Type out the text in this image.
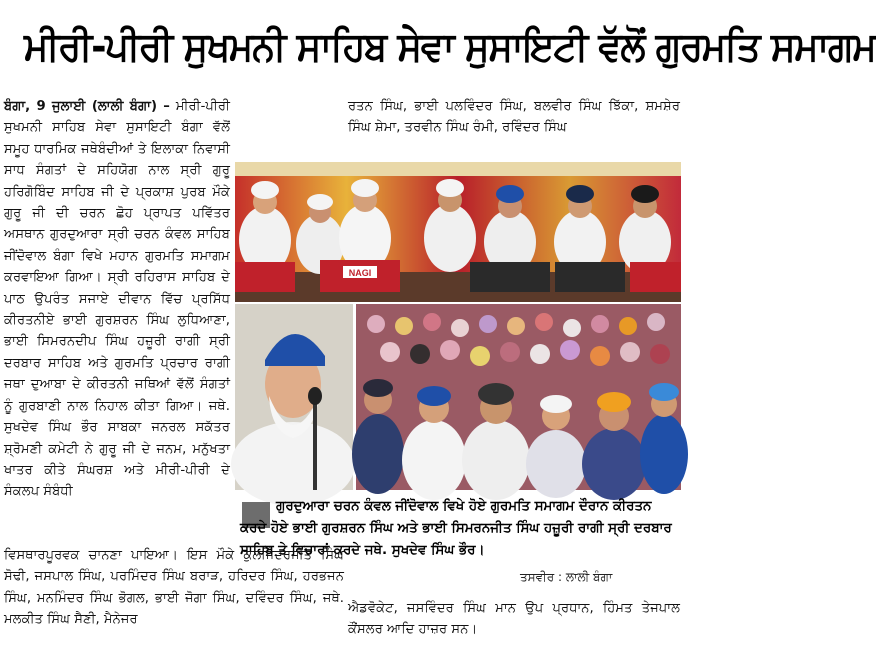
ਮੀਰੀ-ਪੀਰੀ ਸੁਖਮਨੀ ਸਾਹਿਬ ਸੇਵਾ ਸੁਸਾਇਟੀ ਵੱਲੋਂ ਗੁਰਮਤਿ ਸਮਾਗਮ

ਬੰਗਾ, 9 ਜੁਲਾਈ (ਲਾਲੀ ਬੰਗਾ) – ਮੀਰੀ-ਪੀਰੀ ਸੁਖਮਨੀ ਸਾਹਿਬ ਸੇਵਾ ਸੁਸਾਇਟੀ ਬੰਗਾ ਵੱਲੋਂ ਸਮੂਹ ਧਾਰਮਿਕ ਜਥੇਬੰਦੀਆਂ ਤੇ ਇਲਾਕਾ ਨਿਵਾਸੀ ਸਾਧ ਸੰਗਤਾਂ ਦੇ ਸਹਿਯੋਗ ਨਾਲ ਸ੍ਰੀ ਗੁਰੂ ਹਰਿਗੋਬਿੰਦ ਸਾਹਿਬ ਜੀ ਦੇ ਪ੍ਰਕਾਸ਼ ਪੁਰਬ ਮੌਕੇ ਗੁਰੂ ਜੀ ਦੀ ਚਰਨ ਛੋਹ ਪ੍ਰਾਪਤ ਪਵਿੱਤਰ ਅਸਥਾਨ ਗੁਰਦੁਆਰਾ ਸ੍ਰੀ ਚਰਨ ਕੰਵਲ ਸਾਹਿਬ ਜੀਂਦੋਵਾਲ ਬੰਗਾ ਵਿਖੇ ਮਹਾਨ ਗੁਰਮਤਿ ਸਮਾਗਮ ਕਰਵਾਇਆ ਗਿਆ। ਸ੍ਰੀ ਰਹਿਰਾਸ ਸਾਹਿਬ ਦੇ ਪਾਠ ਉਪਰੰਤ ਸਜਾਏ ਦੀਵਾਨ ਵਿੱਚ ਪ੍ਰਸਿੱਧ ਕੀਰਤਨੀਏ ਭਾਈ ਗੁਰਸ਼ਰਨ ਸਿੰਘ ਲੁਧਿਆਣਾ, ਭਾਈ ਸਿਮਰਨਦੀਪ ਸਿੰਘ ਹਜ਼ੂਰੀ ਰਾਗੀ ਸ੍ਰੀ ਦਰਬਾਰ ਸਾਹਿਬ ਅਤੇ ਗੁਰਮਤਿ ਪ੍ਰਚਾਰ ਰਾਗੀ ਜਥਾ ਦੁਆਬਾ ਦੇ ਕੀਰਤਨੀ ਜਥਿਆਂ ਵੱਲੋਂ ਸੰਗਤਾਂ ਨੂੰ ਗੁਰਬਾਣੀ ਨਾਲ ਨਿਹਾਲ ਕੀਤਾ ਗਿਆ। ਜਥੇ. ਸੁਖਦੇਵ ਸਿੰਘ ਭੌਰ ਸਾਬਕਾ ਜਨਰਲ ਸਕੱਤਰ ਸ਼੍ਰੋਮਣੀ ਕਮੇਟੀ ਨੇ ਗੁਰੂ ਜੀ ਦੇ ਜਨਮ, ਮਨੁੱਖਤਾ ਖਾਤਰ ਕੀਤੇ ਸੰਘਰਸ਼ ਅਤੇ ਮੀਰੀ-ਪੀਰੀ ਦੇ ਸੰਕਲਪ ਸੰਬੰਧੀ

ਰਤਨ ਸਿੰਘ, ਭਾਈ ਪਲਵਿੰਦਰ ਸਿੰਘ, ਬਲਵੀਰ ਸਿੰਘ ਝਿੱਕਾ, ਸ਼ਮਸ਼ੇਰ ਸਿੰਘ ਸ਼ੇਮਾ, ਤਰਵੀਨ ਸਿੰਘ ਰੰਮੀ, ਰਵਿੰਦਰ ਸਿੰਘ

NAGI

ਗੁਰਦੁਆਰਾ ਚਰਨ ਕੰਵਲ ਜੀਂਦੋਵਾਲ ਵਿਖੇ ਹੋਏ ਗੁਰਮਤਿ ਸਮਾਗਮ ਦੌਰਾਨ ਕੀਰਤਨ ਕਰਦੇ ਹੋਏ ਭਾਈ ਗੁਰਸ਼ਰਨ ਸਿੰਘ ਅਤੇ ਭਾਈ ਸਿਮਰਨਜੀਤ ਸਿੰਘ ਹਜ਼ੂਰੀ ਰਾਗੀ ਸ੍ਰੀ ਦਰਬਾਰ ਸਾਹਿਬ ਤੇ ਵਿਚਾਰਾਂ ਕਰਦੇ ਜਥੇ. ਸੁਖਦੇਵ ਸਿੰਘ ਭੌਰ।

ਤਸਵੀਰ : ਲਾਲੀ ਬੰਗਾ

ਵਿਸਥਾਰਪੂਰਵਕ ਚਾਨਣਾ ਪਾਇਆ। ਇਸ ਮੌਕੇ ਕੁਲਜਿੰਦਰਜੀਤ ਸਿੰਘ ਸੋਢੀ, ਜਸਪਾਲ ਸਿੰਘ, ਪਰਮਿੰਦਰ ਸਿੰਘ ਬਰਾੜ, ਹਰਿਦਰ ਸਿੰਘ, ਹਰਭਜਨ ਸਿੰਘ, ਮਨਮਿੰਦਰ ਸਿੰਘ ਭੋਗਲ, ਭਾਈ ਜੋਗਾ ਸਿੰਘ, ਦਵਿੰਦਰ ਸਿੰਘ, ਜਥੇ. ਮਲਕੀਤ ਸਿੰਘ ਸੈਣੀ, ਮੈਨੇਜਰ

ਐਡਵੋਕੇਟ, ਜਸਵਿੰਦਰ ਸਿੰਘ ਮਾਨ ਉਪ ਪ੍ਰਧਾਨ, ਹਿੰਮਤ ਤੇਜਪਾਲ ਕੌਂਸਲਰ ਆਦਿ ਹਾਜ਼ਰ ਸਨ।
